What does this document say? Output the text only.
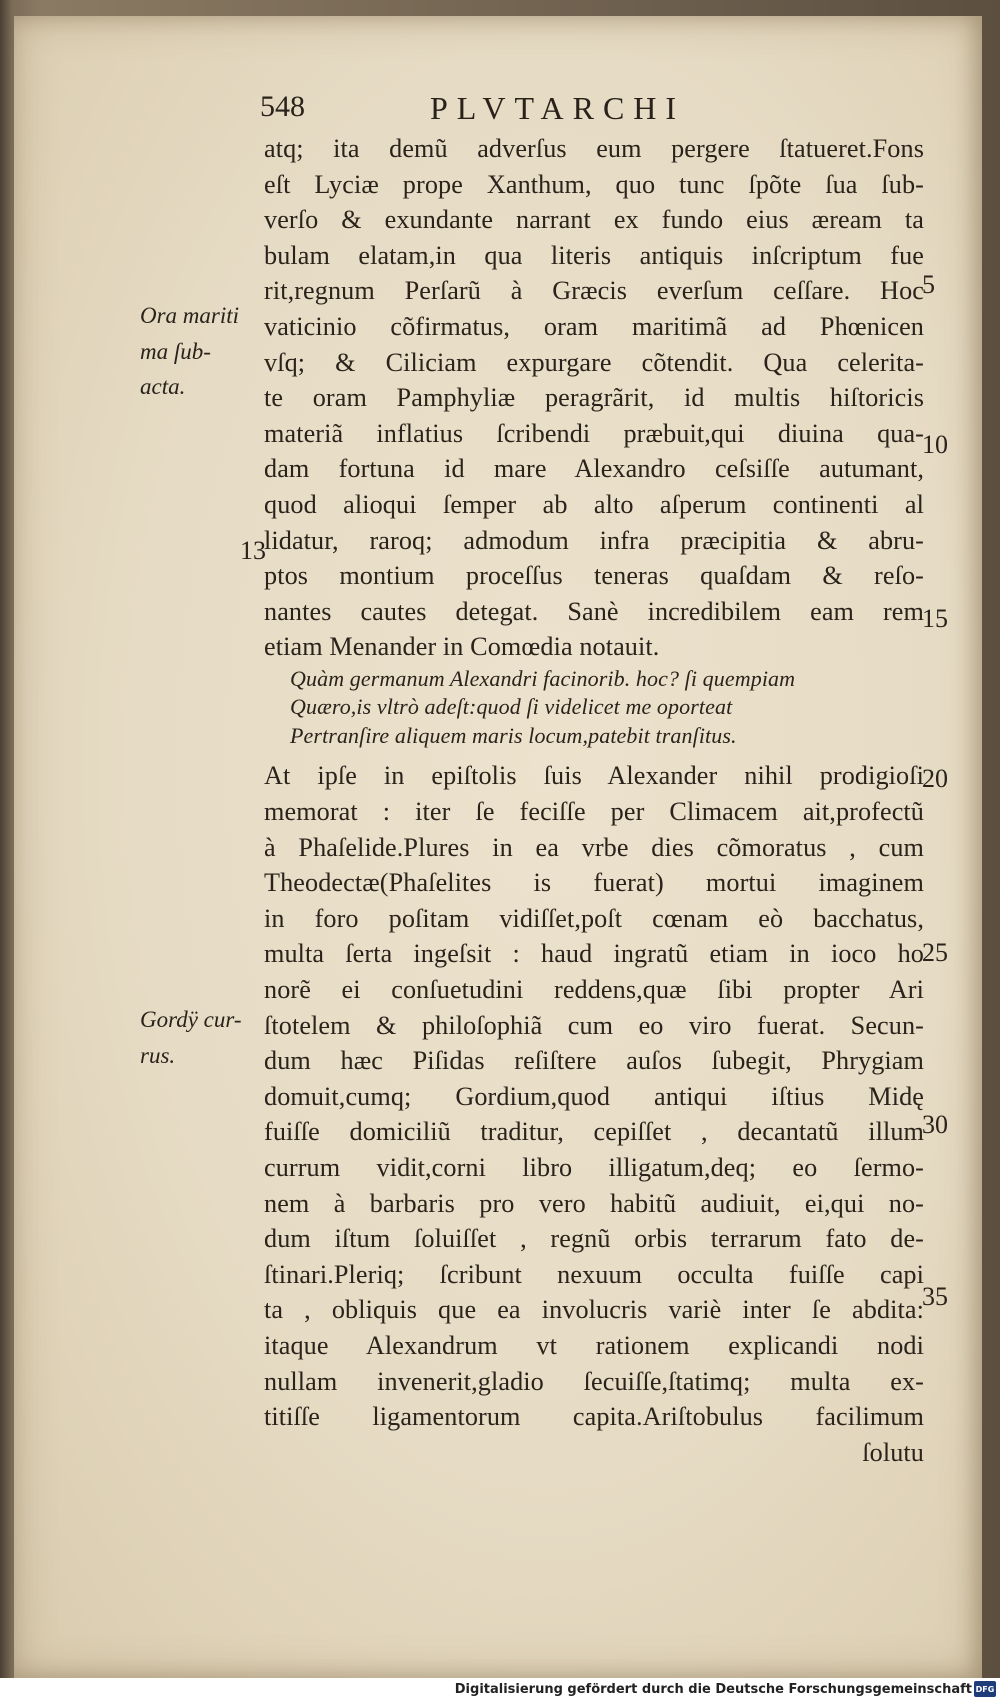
548	PLVTARCHI
atq; ita demũ adverſus eum pergere ſtatueret.Fons
eſt Lyciæ prope Xanthum, quo tunc ſpõte ſua ſub-
verſo & exundante narrant ex fundo eius æream ta
bulam elatam,in qua literis antiquis inſcriptum fue
rit,regnum Perſarũ à Græcis everſum ceſſare. Hoc
vaticinio cõfirmatus, oram maritimã ad Phœnicen
vſq; & Ciliciam expurgare cõtendit. Qua celerita-
te oram Pamphyliæ peragrãrit, id multis hiſtoricis
materiã inflatius ſcribendi præbuit,qui diuina qua-
dam fortuna id mare Alexandro ceſsiſſe autumant,
quod alioqui ſemper ab alto aſperum continenti al
lidatur, raroq; admodum infra præcipitia & abru-
ptos montium proceſſus teneras quaſdam & reſo-
nantes cautes detegat. Sanè incredibilem eam rem
etiam Menander in Comœdia notauit.
Quàm germanum Alexandri facinorib. hoc? ſi quempiam
Quæro,is vltrò adeſt:quod ſi videlicet me oporteat
Pertranſire aliquem maris locum,patebit tranſitus.
At ipſe in epiſtolis ſuis Alexander nihil prodigioſi
memorat : iter ſe feciſſe per Climacem ait,profectũ
à Phaſelide.Plures in ea vrbe dies cõmoratus , cum
Theodectæ(Phaſelites is fuerat) mortui imaginem
in foro poſitam vidiſſet,poſt cœnam eò bacchatus,
multa ſerta ingeſsit : haud ingratũ etiam in ioco ho
norẽ ei conſuetudini reddens,quæ ſibi propter Ari
ſtotelem & philoſophiã cum eo viro fuerat. Secun-
dum hæc Piſidas reſiſtere auſos ſubegit, Phrygiam
domuit,cumq; Gordium,quod antiqui iſtius Midę
fuiſſe domiciliũ traditur, cepiſſet , decantatũ illum
currum vidit,corni libro illigatum,deq; eo ſermo-
nem à barbaris pro vero habitũ audiuit, ei,qui no-
dum iſtum ſoluiſſet , regnũ orbis terrarum fato de-
ſtinari.Pleriq; ſcribunt nexuum occulta fuiſſe capi
ta , obliquis que ea involucris variè inter ſe abdita:
itaque Alexandrum vt rationem explicandi nodi
nullam invenerit,gladio ſecuiſſe,ſtatimq; multa ex-
titiſſe ligamentorum capita.Ariſtobulus facilimum
ſolutu
Ora mariti
ma ſub-
acta.
Gordÿ cur-
rus.
5
10
13
15
20
25
30
35
Digitalisierung gefördert durch die Deutsche Forschungsgemeinschaft DFG
